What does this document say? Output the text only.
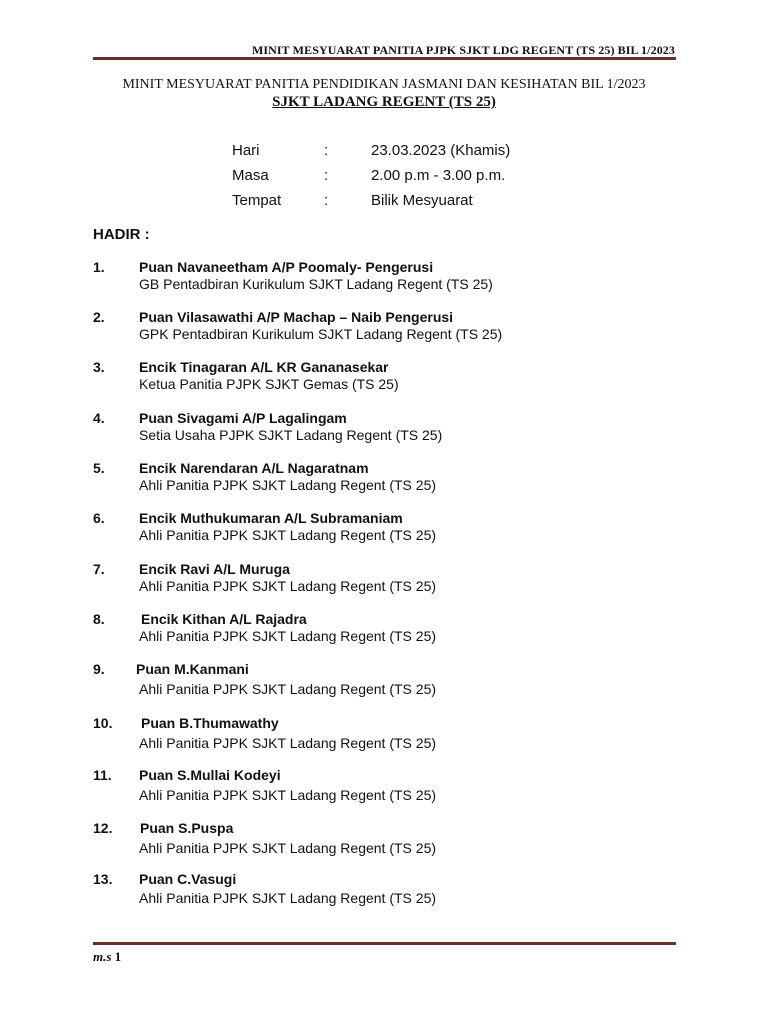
MINIT MESYUARAT PANITIA PJPK SJKT LDG REGENT (TS 25) BIL 1/2023
MINIT MESYUARAT PANITIA PENDIDIKAN JASMANI DAN KESIHATAN BIL 1/2023
SJKT LADANG REGENT (TS 25)
Hari	:	23.03.2023 (Khamis)
Masa	:	2.00 p.m - 3.00 p.m.
Tempat	:	Bilik Mesyuarat
HADIR :
1. Puan Navaneetham A/P Poomaly- Pengerusi
GB Pentadbiran Kurikulum SJKT Ladang Regent (TS 25)
2. Puan Vilasawathi A/P Machap – Naib Pengerusi
GPK Pentadbiran Kurikulum SJKT Ladang Regent (TS 25)
3. Encik Tinagaran A/L KR Gananasekar
Ketua Panitia PJPK SJKT Gemas (TS 25)
4. Puan Sivagami A/P Lagalingam
Setia Usaha PJPK SJKT Ladang Regent (TS 25)
5. Encik Narendaran A/L Nagaratnam
Ahli Panitia PJPK SJKT Ladang Regent (TS 25)
6. Encik Muthukumaran A/L Subramaniam
Ahli Panitia PJPK SJKT Ladang Regent (TS 25)
7. Encik Ravi A/L Muruga
Ahli Panitia PJPK SJKT Ladang Regent (TS 25)
8.	Encik Kithan A/L Rajadra
Ahli Panitia PJPK SJKT Ladang Regent (TS 25)
9. Puan M.Kanmani
Ahli Panitia PJPK SJKT Ladang Regent (TS 25)
10. Puan B.Thumawathy
Ahli Panitia PJPK SJKT Ladang Regent (TS 25)
11. Puan S.Mullai Kodeyi
Ahli Panitia PJPK SJKT Ladang Regent (TS 25)
12. Puan S.Puspa
Ahli Panitia PJPK SJKT Ladang Regent (TS 25)
13. Puan C.Vasugi
Ahli Panitia PJPK SJKT Ladang Regent (TS 25)
m.s 1
